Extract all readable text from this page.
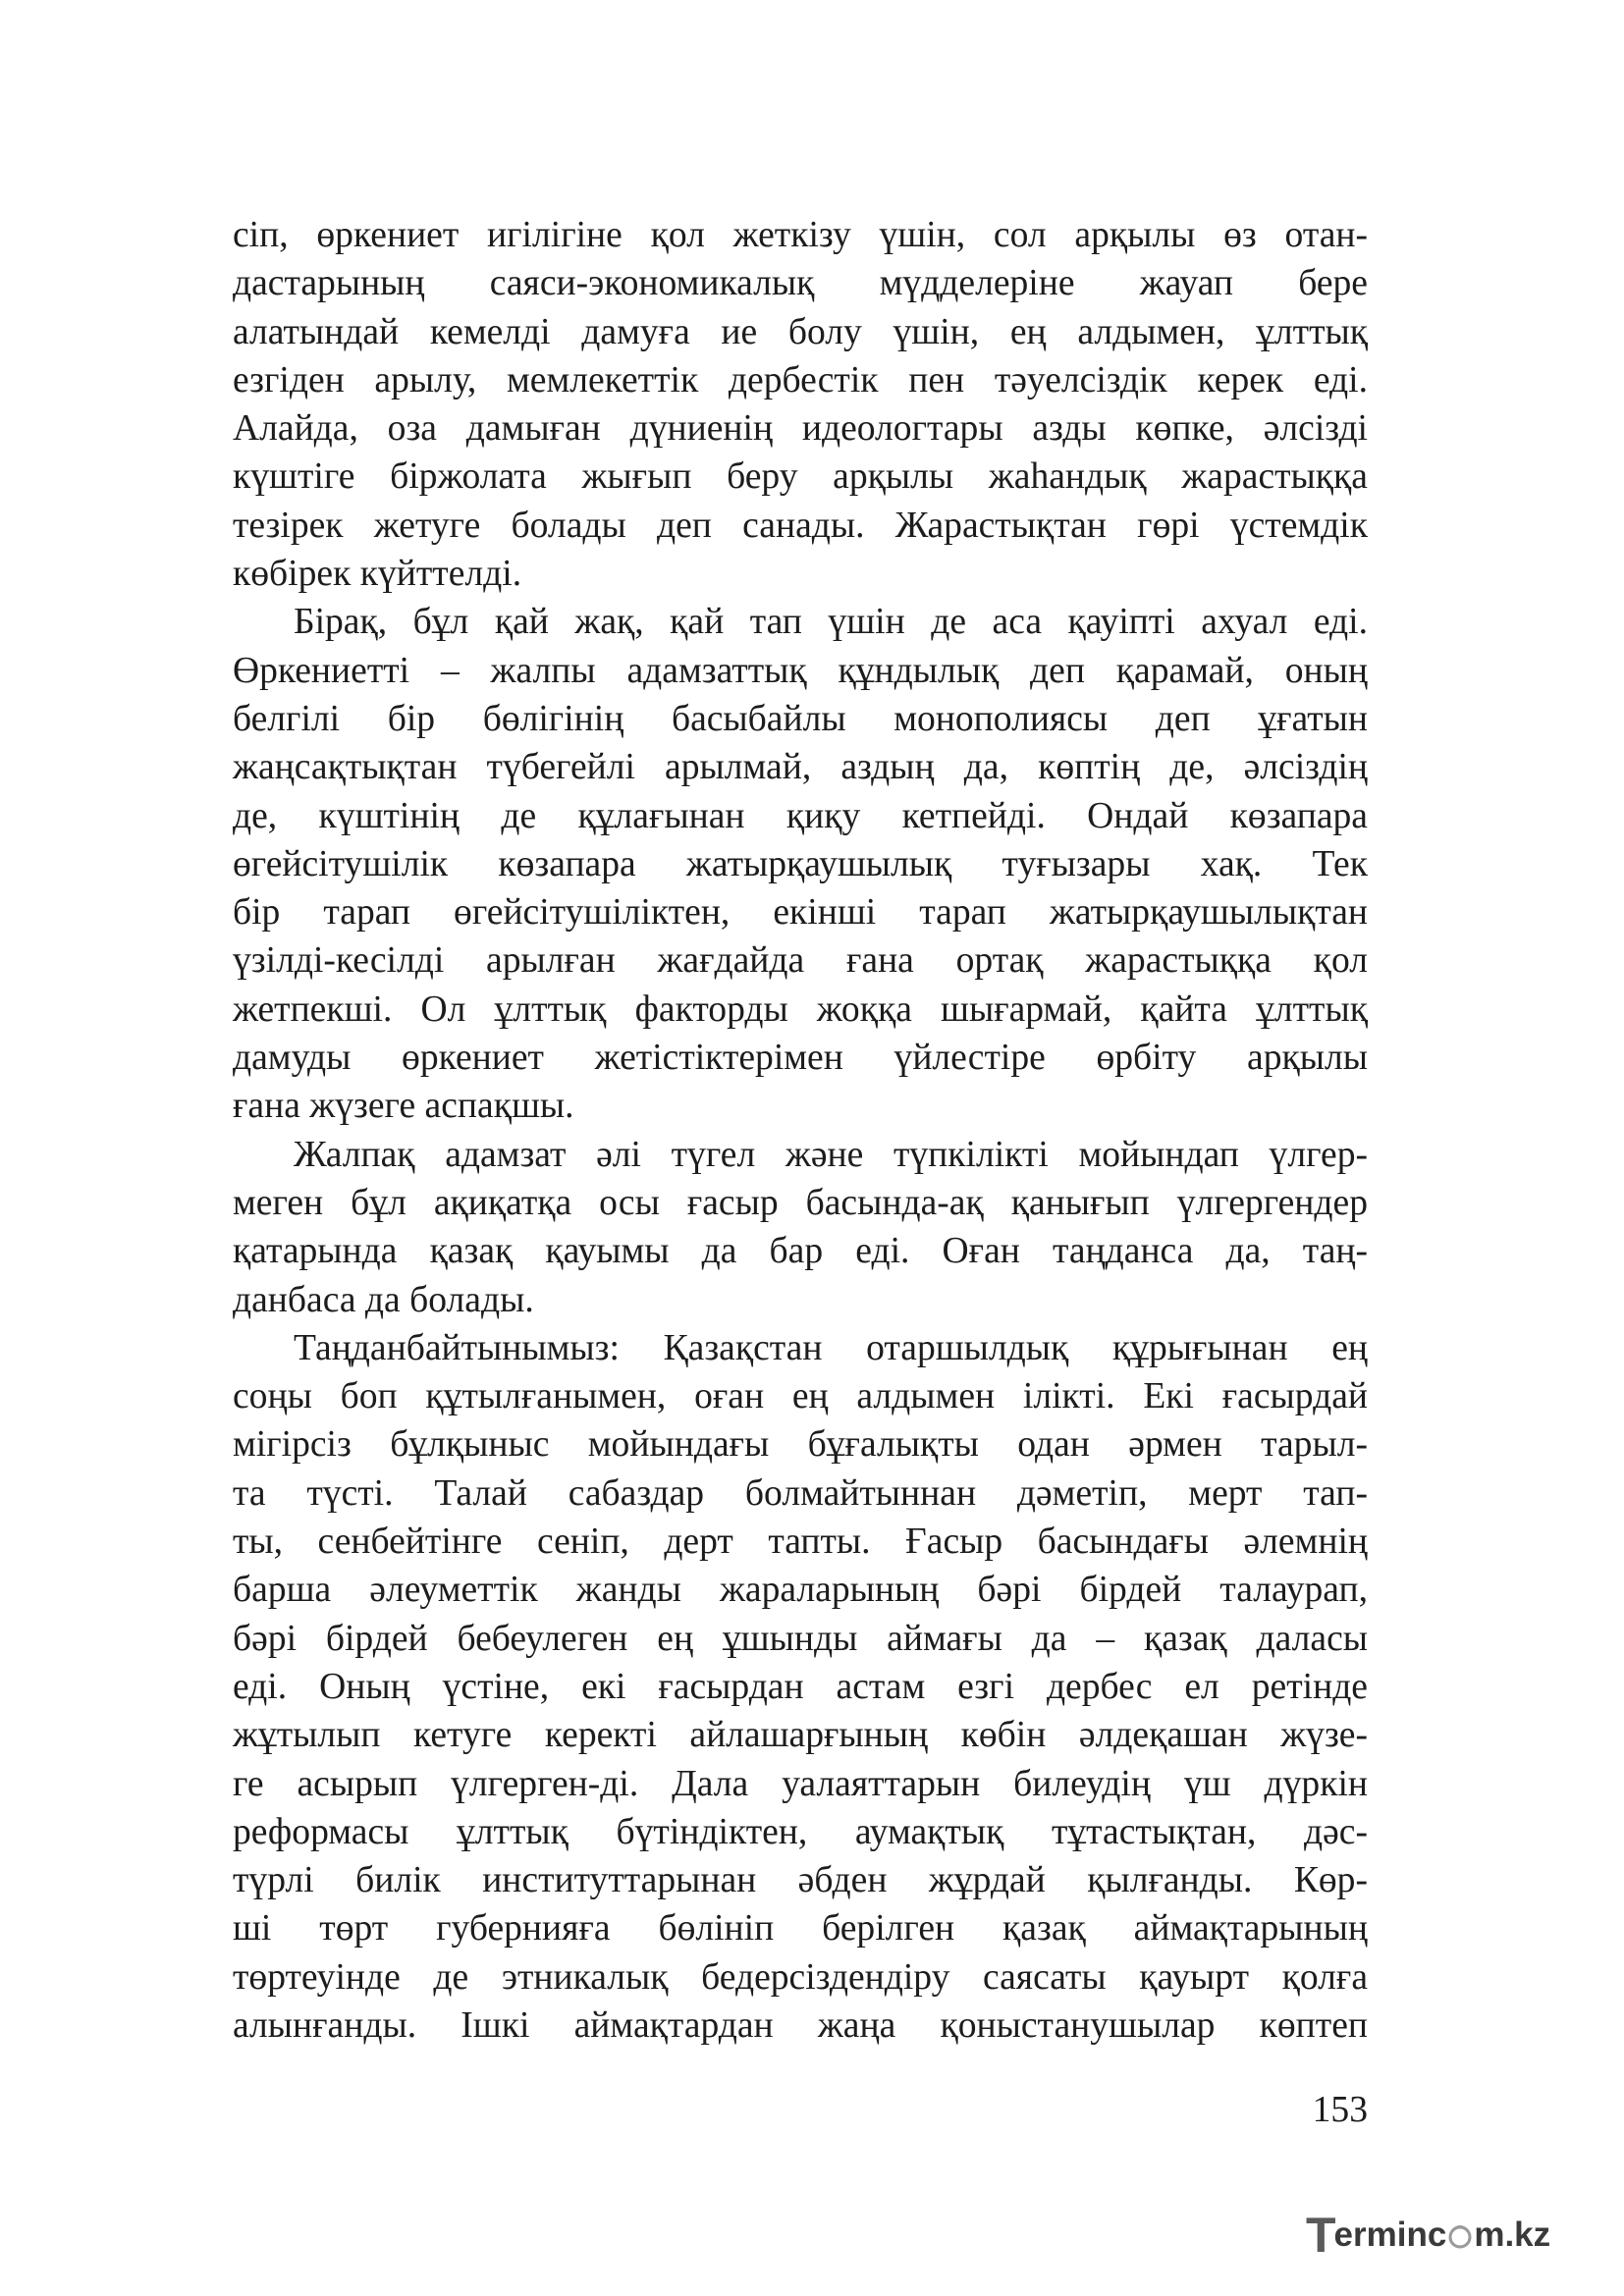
сіп, өркениет игілігіне қол жеткізу үшін, сол арқылы өз отан-
дастарының саяси-экономикалық мүдделеріне жауап бере
алатындай кемелді дамуға ие болу үшін, ең алдымен, ұлттық
езгіден арылу, мемлекеттік дербестік пен тәуелсіздік керек еді.
Алайда, оза дамыған дүниенің идеологтары азды көпке, әлсізді
күштіге біржолата жығып беру арқылы жаһандық жарастыққа
тезірек жетуге болады деп санады. Жарастықтан гөрі үстемдік
көбірек күйттелді.
Бірақ, бұл қай жақ, қай тап үшін де аса қауіпті ахуал еді.
Өркениетті – жалпы адамзаттық құндылық деп қарамай, оның
белгілі бір бөлігінің басыбайлы монополиясы деп ұғатын
жаңсақтықтан түбегейлі арылмай, аздың да, көптің де, әлсіздің
де, күштінің де құлағынан қиқу кетпейді. Ондай көзапара
өгейсітушілік көзапара жатырқаушылық туғызары хақ. Тек
бір тарап өгейсітушіліктен, екінші тарап жатырқаушылықтан
үзілді-кесілді арылған жағдайда ғана ортақ жарастыққа қол
жетпекші. Ол ұлттық факторды жоққа шығармай, қайта ұлттық
дамуды өркениет жетістіктерімен үйлестіре өрбіту арқылы
ғана жүзеге аспақшы.
Жалпақ адамзат әлі түгел және түпкілікті мойындап үлгер-
меген бұл ақиқатқа осы ғасыр басында-ақ қанығып үлгергендер
қатарында қазақ қауымы да бар еді. Оған таңданса да, таң-
данбаса да болады.
Таңданбайтынымыз: Қазақстан отаршылдық құрығынан ең
соңы боп құтылғанымен, оған ең алдымен ілікті. Екі ғасырдай
мігірсіз бұлқыныс мойындағы бұғалықты одан әрмен тарыл-
та түсті. Талай сабаздар болмайтыннан дәметіп, мерт тап-
ты, сенбейтінге сеніп, дерт тапты. Ғасыр басындағы әлемнің
барша әлеуметтік жанды жараларының бәрі бірдей талаурап,
бәрі бірдей бебеулеген ең ұшынды аймағы да – қазақ даласы
еді. Оның үстіне, екі ғасырдан астам езгі дербес ел ретінде
жұтылып кетуге керекті айлашарғының көбін әлдеқашан жүзе-
ге асырып үлгерген-ді. Дала уалаяттарын билеудің үш дүркін
реформасы ұлттық бүтіндіктен, аумақтық тұтастықтан, дәс-
түрлі билік институттарынан әбден жұрдай қылғанды. Көр-
ші төрт губернияға бөлініп берілген қазақ аймақтарының
төртеуінде де этникалық бедерсіздендіру саясаты қауырт қолға
алынғанды. Ішкі аймақтардан жаңа қоныстанушылар көптеп
153
T
erminc m.kz
